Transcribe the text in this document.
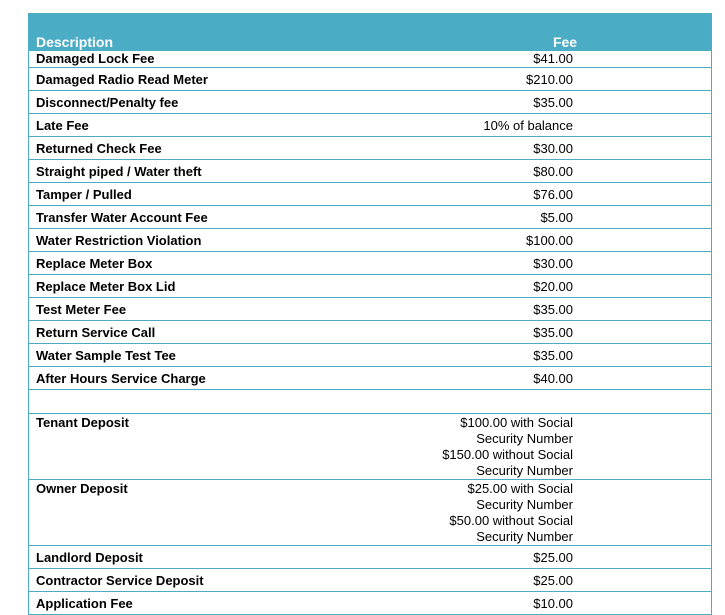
Description	Fee
Damaged Lock Fee	$41.00
Damaged Radio Read Meter	$210.00
Disconnect/Penalty fee	$35.00
Late Fee	10% of balance
Returned Check Fee	$30.00
Straight piped / Water theft	$80.00
Tamper / Pulled	$76.00
Transfer Water Account Fee	$5.00
Water Restriction Violation	$100.00
Replace Meter Box	$30.00
Replace Meter Box Lid	$20.00
Test Meter Fee	$35.00
Return Service Call	$35.00
Water Sample Test Tee	$35.00
After Hours Service Charge	$40.00

Tenant Deposit	$100.00 with Social Security Number
$150.00 without Social Security Number

Owner Deposit	$25.00 with Social Security Number
$50.00 without Social Security Number

Landlord Deposit	$25.00

Contractor Service Deposit	$25.00

Application Fee	$10.00
